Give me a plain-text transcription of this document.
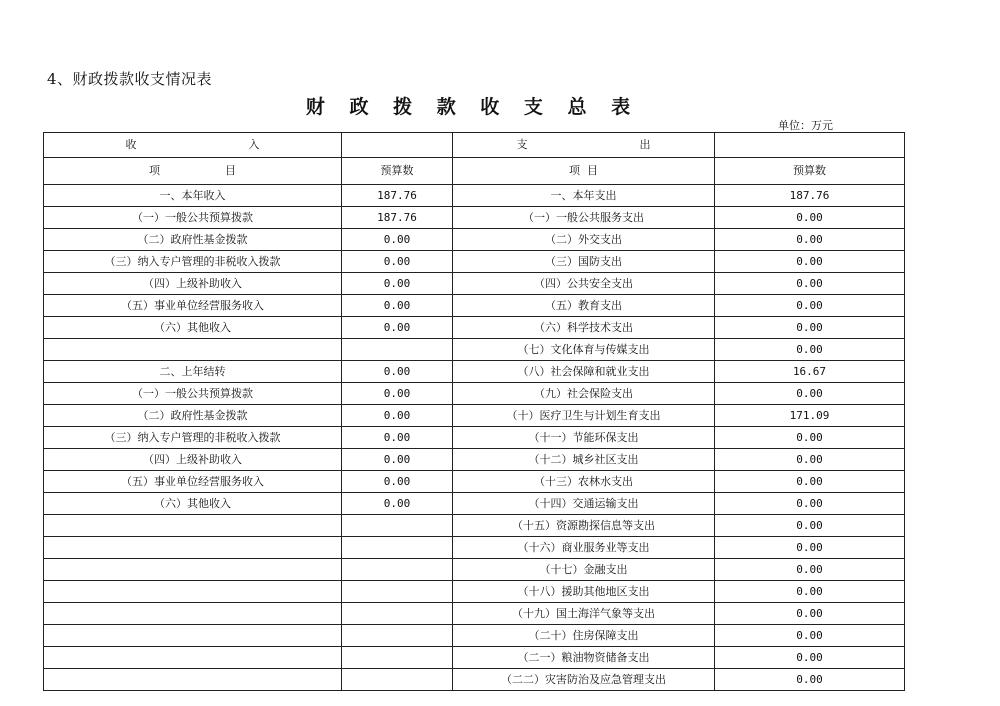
4、财政拨款收支情况表
财 政 拨 款 收 支 总 表
单位：万元
收 入		支 出	
项 目	预算数	项  目	预算数
一、本年收入	187.76	一、本年支出	187.76
（一）一般公共预算拨款	187.76	（一）一般公共服务支出	0.00
（二）政府性基金拨款	0.00	（二）外交支出	0.00
（三）纳入专户管理的非税收入拨款	0.00	（三）国防支出	0.00
（四）上级补助收入	0.00	（四）公共安全支出	0.00
（五）事业单位经营服务收入	0.00	（五）教育支出	0.00
（六）其他收入	0.00	（六）科学技术支出	0.00
		（七）文化体育与传媒支出	0.00
二、上年结转	0.00	（八）社会保障和就业支出	16.67
（一）一般公共预算拨款	0.00	（九）社会保险支出	0.00
（二）政府性基金拨款	0.00	（十）医疗卫生与计划生育支出	171.09
（三）纳入专户管理的非税收入拨款	0.00	（十一）节能环保支出	0.00
（四）上级补助收入	0.00	（十二）城乡社区支出	0.00
（五）事业单位经营服务收入	0.00	（十三）农林水支出	0.00
（六）其他收入	0.00	（十四）交通运输支出	0.00
		（十五）资源勘探信息等支出	0.00
		（十六）商业服务业等支出	0.00
		（十七）金融支出	0.00
		（十八）援助其他地区支出	0.00
		（十九）国土海洋气象等支出	0.00
		（二十）住房保障支出	0.00
		（二一）粮油物资储备支出	0.00
		（二二）灾害防治及应急管理支出	0.00
